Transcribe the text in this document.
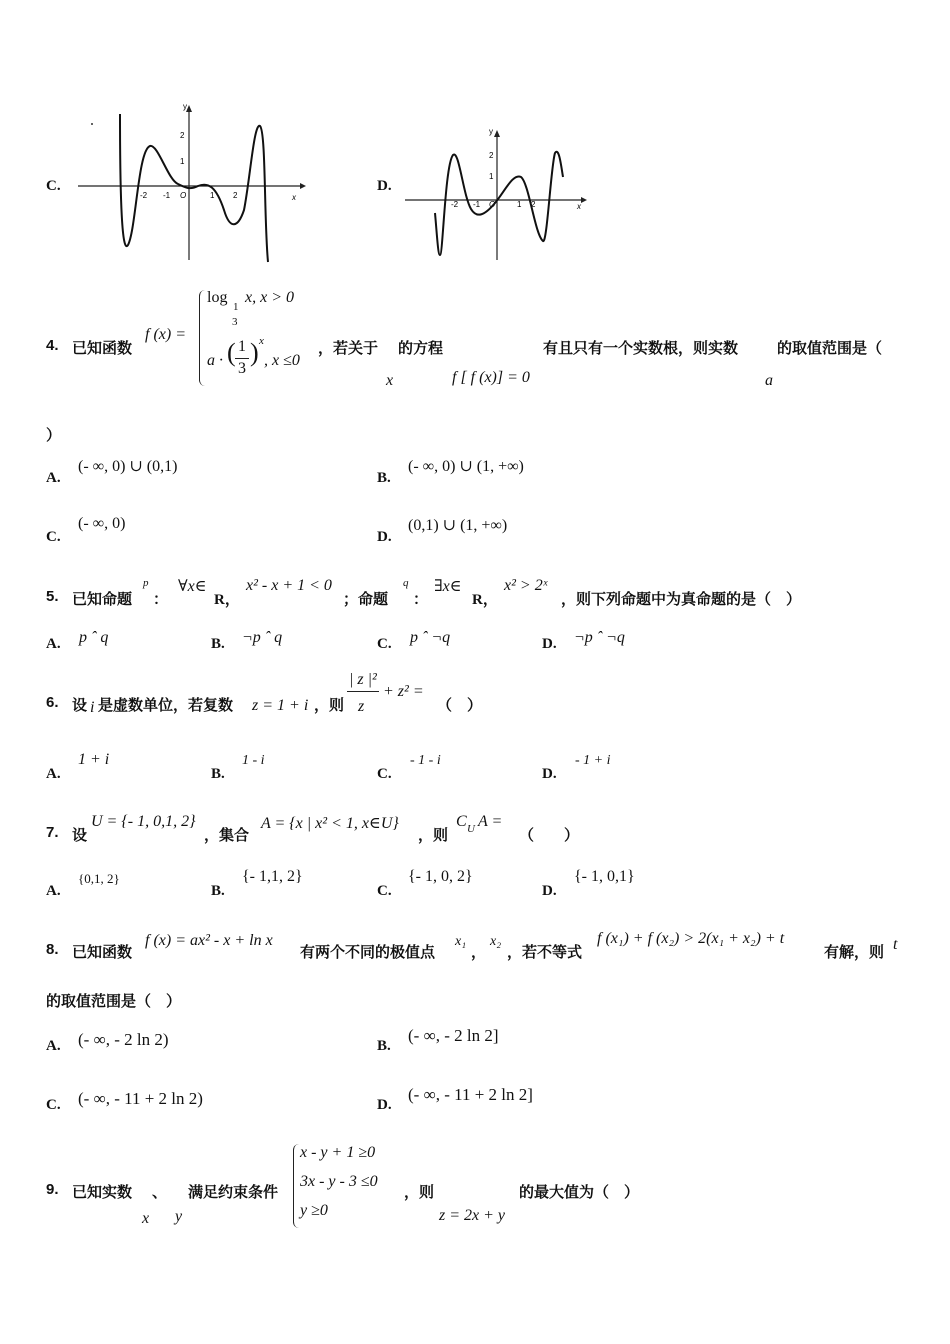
C.
y
x
2
1
O
-2 -1	1 2
D.
y
x
2
1
O
-2 -1	1 2
4. 已知函数
f (x) =
log
1
3
x, x > 0
a · ( 1
3
) x
, x ≤0
，若关于
x
的方程
f [ f (x)] = 0
有且只有一个实数根，则实数
a
的取值范围是（
）
A.
(- ∞, 0) ∪ (0,1)
B.
(- ∞, 0) ∪ (1, +∞)
C.
(- ∞, 0)
D.
(0,1) ∪ (1, +∞)
5. 已知命题
p
：
∀x∈
R，
x² - x + 1 < 0
；命题
q
：
∃x∈
R，
x² > 2ˣ
，则下列命题中为真命题的是（　）
A. p ˆ q	B. ¬p ˆ q	C. p ˆ ¬q	D. ¬p ˆ ¬q
6. 设 i 是虚数单位，若复数 z = 1 + i ，则
| z |²
z
+ z² =
（　）
A.
1 + i
B.
1 - i
C.
- 1 - i
D.
- 1 + i
7. 设
U = {- 1, 0,1, 2}
，集合
A = {x | x² < 1, x∈U}
，则
C U A =
（　　）
A.
{0,1, 2}
B.
{- 1,1, 2}
C.
{- 1, 0, 2}
D.
{- 1, 0,1}
8. 已知函数
f (x) = ax² - x + ln x
有两个不同的极值点
x₁
，
x₂
，若不等式
f (x₁) + f (x₂) > 2(x₁ + x₂) + t
有解，则 t
的取值范围是（　）
A. (- ∞, - 2 ln 2)	B.
(- ∞, - 2 ln 2]
C. (- ∞, - 11 + 2 ln 2)	D.
(- ∞, - 11 + 2 ln 2]
9. 已知实数
x
、
y
满足约束条件
x - y + 1 ≥0
3x - y - 3 ≤0
y ≥0
，则
z = 2x + y
的最大值为（　）
